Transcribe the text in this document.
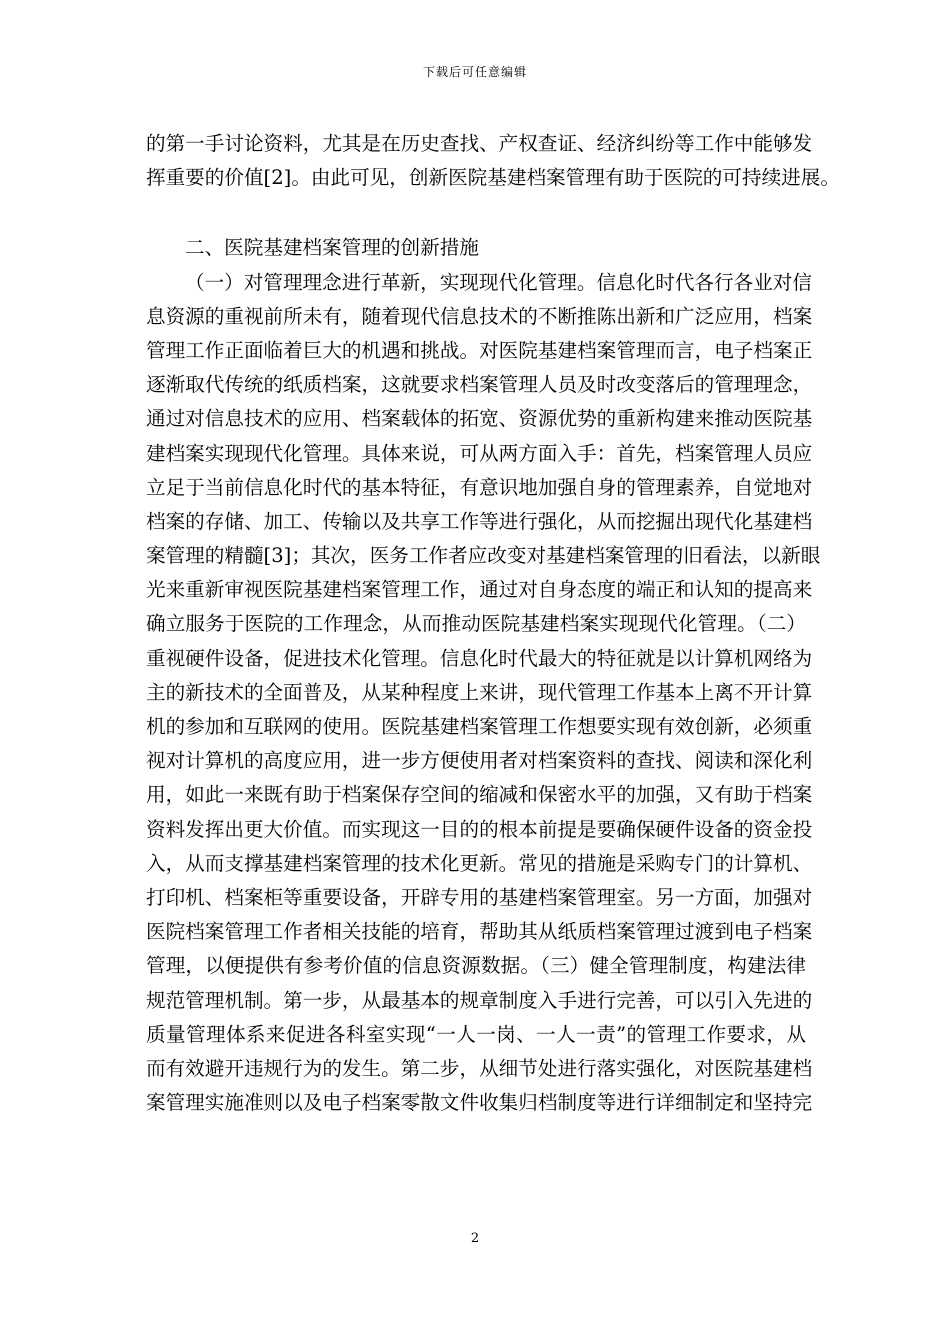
下载后可任意编辑
的第一手讨论资料，尤其是在历史查找、产权查证、经济纠纷等工作中能够发
挥重要的价值[2]。由此可见，创新医院基建档案管理有助于医院的可持续进展。
二、医院基建档案管理的创新措施
（一）对管理理念进行革新，实现现代化管理。信息化时代各行各业对信
息资源的重视前所未有，随着现代信息技术的不断推陈出新和广泛应用，档案
管理工作正面临着巨大的机遇和挑战。对医院基建档案管理而言，电子档案正
逐渐取代传统的纸质档案，这就要求档案管理人员及时改变落后的管理理念，
通过对信息技术的应用、档案载体的拓宽、资源优势的重新构建来推动医院基
建档案实现现代化管理。具体来说，可从两方面入手：首先，档案管理人员应
立足于当前信息化时代的基本特征，有意识地加强自身的管理素养，自觉地对
档案的存储、加工、传输以及共享工作等进行强化，从而挖掘出现代化基建档
案管理的精髓[3]；其次，医务工作者应改变对基建档案管理的旧看法，以新眼
光来重新审视医院基建档案管理工作，通过对自身态度的端正和认知的提高来
确立服务于医院的工作理念，从而推动医院基建档案实现现代化管理。（二）
重视硬件设备，促进技术化管理。信息化时代最大的特征就是以计算机网络为
主的新技术的全面普及，从某种程度上来讲，现代管理工作基本上离不开计算
机的参加和互联网的使用。医院基建档案管理工作想要实现有效创新，必须重
视对计算机的高度应用，进一步方便使用者对档案资料的查找、阅读和深化利
用，如此一来既有助于档案保存空间的缩减和保密水平的加强，又有助于档案
资料发挥出更大价值。而实现这一目的的根本前提是要确保硬件设备的资金投
入，从而支撑基建档案管理的技术化更新。常见的措施是采购专门的计算机、
打印机、档案柜等重要设备，开辟专用的基建档案管理室。另一方面，加强对
医院档案管理工作者相关技能的培育，帮助其从纸质档案管理过渡到电子档案
管理，以便提供有参考价值的信息资源数据。（三）健全管理制度，构建法律
规范管理机制。第一步，从最基本的规章制度入手进行完善，可以引入先进的
质量管理体系来促进各科室实现“一人一岗、一人一责”的管理工作要求，从
而有效避开违规行为的发生。第二步，从细节处进行落实强化，对医院基建档
案管理实施准则以及电子档案零散文件收集归档制度等进行详细制定和坚持完
2
